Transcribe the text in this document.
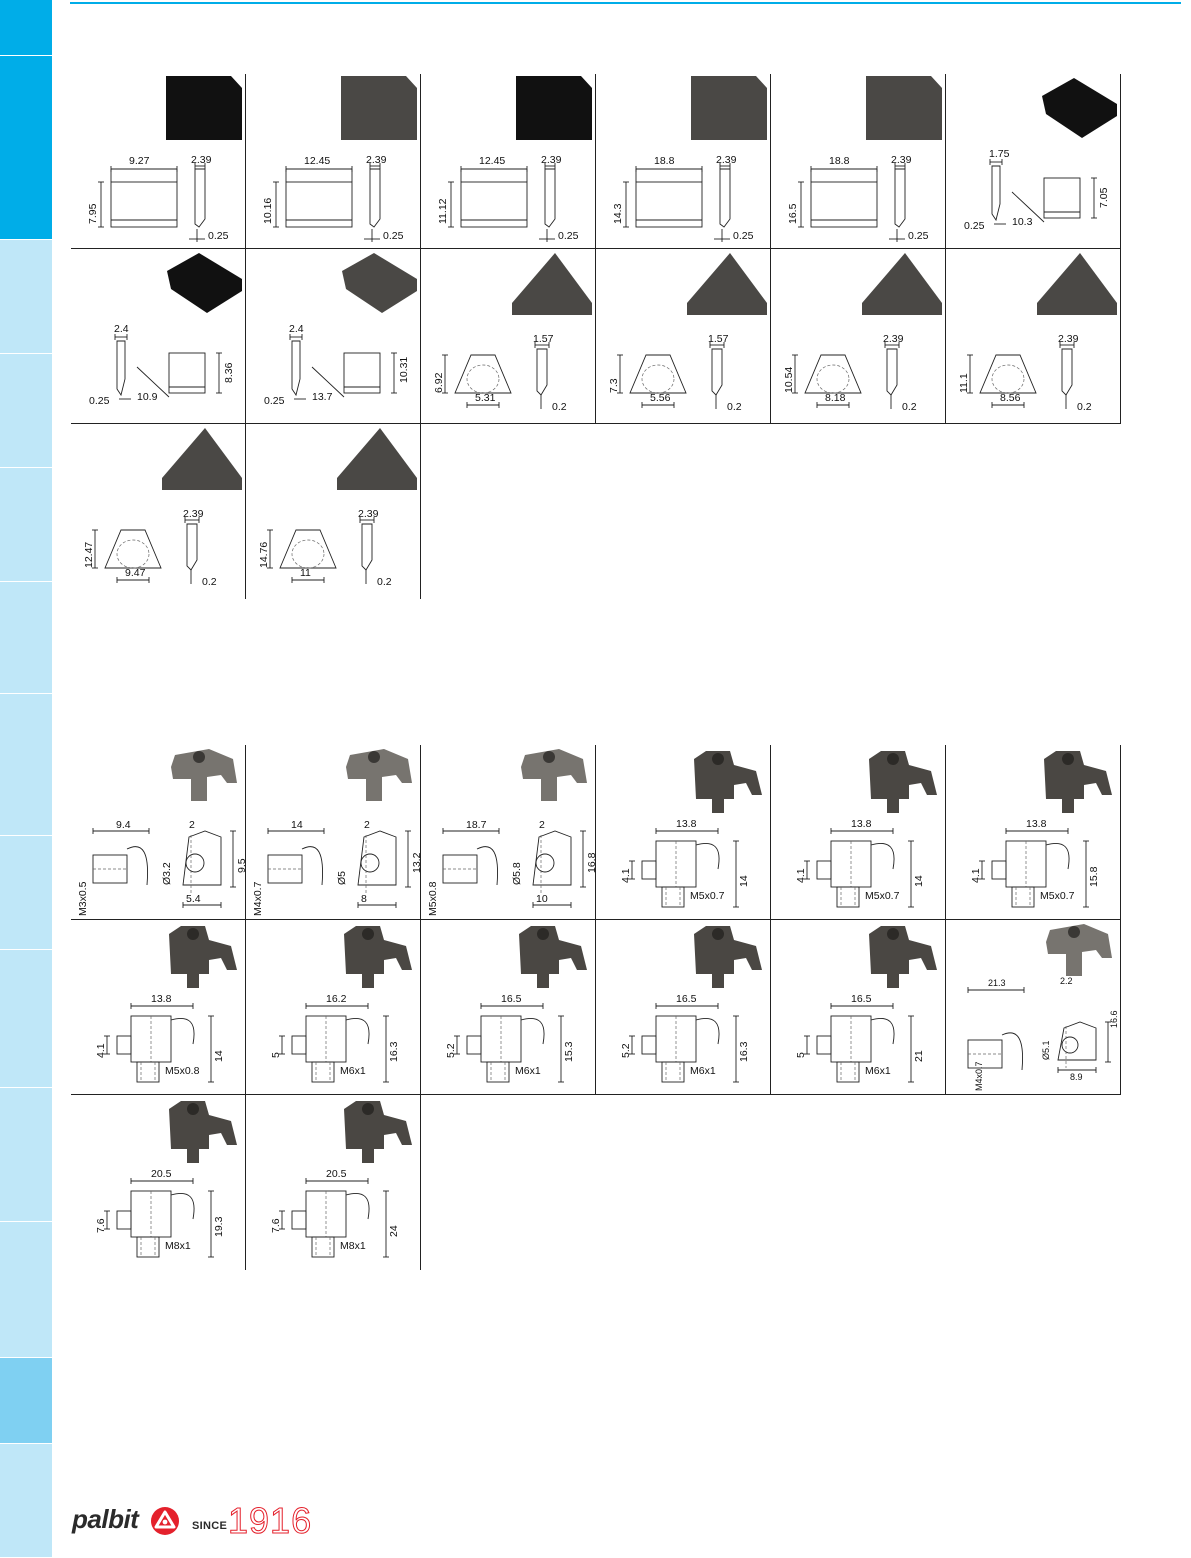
9.27
7.95
2.39
0.25
12.45
10.16
2.39
0.25
12.45
11.12
2.39
0.25
18.8
14.3
2.39
0.25
18.8
16.5
2.39
0.25
1.75
0.25	10.3
7.05
2.4
0.25	10.9
8.36
2.4
0.25	13.7
10.31 6.92
5.31
1.57
0.2
7.3
5.56
1.57
0.2
10.54
8.18
2.39
0.2
11.1
8.56
2.39
0.2
12.47
9.47
2.39
0.2
14.76
11
2.39
0.2
9.4
M3x0.5
2
Ø3.2	9.5
5.4
14
M4x0.7
2
Ø5
13.2
8
18.7
M5x0.8
2
Ø5.8	16.8
10
13.8
4.1
M5x0.7
14
13.8
4.1
M5x0.7
14
13.8
4.1
M5x0.7
15.8
13.8
4.1
M5x0.8
14
16.2
5
M6x1
16.3
16.5
5.2
M6x1
15.3
16.5
5.2
M6x1
16.3
16.5
5
M6x1
21
21.3
M4x0.7
2.2
Ø5.1
16.6
8.9
20.5
7.6
M8x1
19.3
20.5
7.6
M8x1
24
palbit	SINCE 1916
